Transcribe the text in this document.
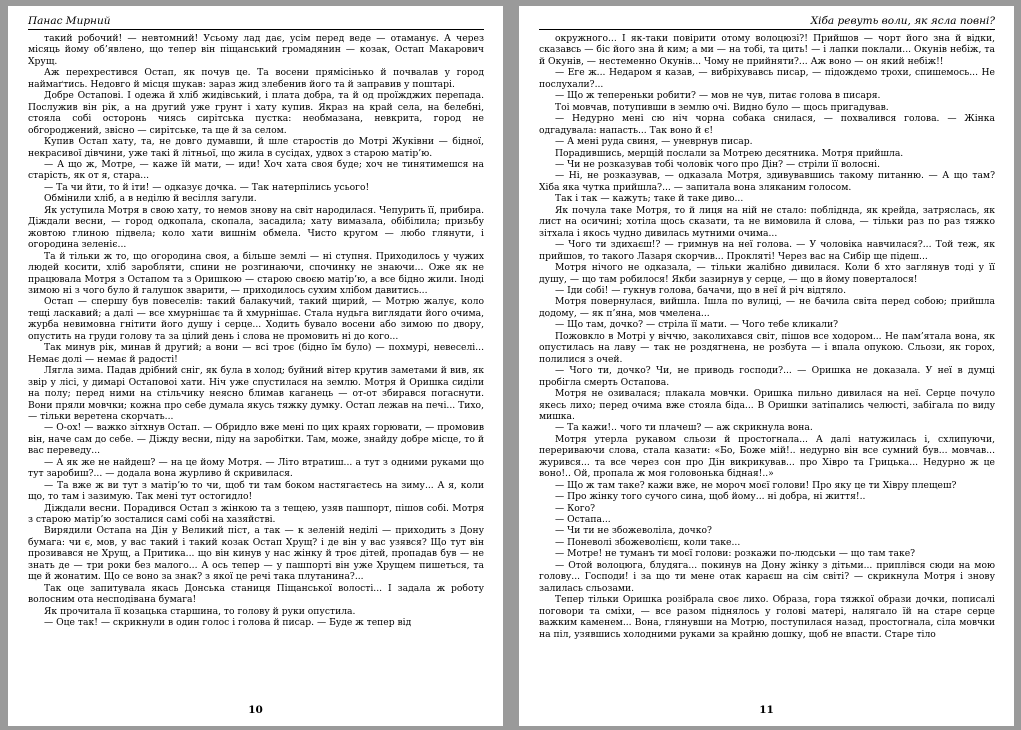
Панас Мирний

такий робочий! — невтомний! Усьому лад дає, усім перед веде — отаманує. А через місяць йому об’явлено, що тепер він піщанський громадянин — козак, Остап Макарович Хрущ.

Аж перехрестився Остап, як почув це. Та восени прямісінько й почвалав у город наймаґтись. Недовго й місця шукав: зараз жид злебенив його та й заправив у поштарі.

Добре Остапові. І одежа й хліб жидівський, і плата добра, та й од проїжджих перепада. Послужив він рік, а на другий уже грунт і хату купив. Якраз на край села, на белебні, стояла собі осторонь чиясь сирітська пустка: необмазана, невкрита, город не обгороджений, звісно — сирітське, та ще й за селом.

Купив Остап хату, та, не довго думавши, й шле старостів до Мотрі Жуківни — бідної, некрасивої дівчини, уже такі й літньої, що жила в сусідах, удвох з старою матір’ю.

— А що ж, Мотре, — каже їй мати, — иди! Хоч хата своя буде; хоч не тинятимешся на старість, як от я, стара...

— Та чи йти, то й іти! — одказує дочка. — Так натерпілись усього!

Обмінили хліб, а в неділю й весілля загули.

Як уступила Мотря в свою хату, то немов знову на світ народилася. Чепурить її, прибира. Діждали весни, — город одкопала, скопала, засадила; хату вимазала, обібілила; призьбу жовтою глиною підвела; коло хати вишнім обмела. Чисто кругом — любо глянути, і огородина зеленіє...

Та й тільки ж то, що огородина своя, а більше землі — ні ступня. Приходилось у чужих людей косити, хліб заробляти, спини не розгинаючи, спочинку не знаючи... Оже як не працювала Мотря з Остапом та з Оришкою — старою своєю матір’ю, а все бідно жили. Іноді зимою ні з чого було й галушок зварити, — приходилось сухим хлібом давитись...

Остап — спершу був повеселів: такий балакучий, такий щирий, — Мотрю жалує, коло тещі ласкавий; а далі — все хмурнішає та й хмурнішає. Стала нудьга виглядати його очима, журба невимовна гнітити його душу і серце... Ходить бувало восени або зимою по двору, опустить на груди голову та за цілий день і слова не промовить ні до кого...

Так минув рік, минав й другий; а вони — всі троє (бідно їм було) — похмурі, невеселі... Немає долі — немає й радості!

Лягла зима. Падав дрібний сніг, як була в холод; буйний вітер крутив заметами й вив, як звір у лісі, у димарі Остаповоі хати. Ніч уже спустилася на землю. Мотря й Оришка сиділи на полу; перед ними на стільчику неясно блимав каганець — от-от збирався погаснути. Вони пряли мовчки; кожна про себе думала якусь тяжку думку. Остап лежав на печі... Тихо, — тільки веретена скорчать...

— О-ох! — важко зітхнув Остап. — Обридло вже мені по цих краях горювати, — промовив він, наче сам до себе. — Діжду весни, піду на заробітки. Там, може, знайду добре місце, то й вас переведу...

— А як же не найдеш? — на це йому Мотря. — Літо втратиш... а тут з одними руками що тут заробиш?... — додала вона журливо й скривилася.

— Та вже ж ви тут з матір’ю то чи, щоб ти там боком настягаєтесь на зиму... А я, коли що, то там і зазимую. Так мені тут остогидло!

Діждали весни. Порадився Остап з жінкою та з тещею, узяв пашпорт, пішов собі. Мотря з старою матір’ю зосталися самі собі на хазяйстві.

Вирядили Остапа на Дін у Великий піст, а так — к зеленій неділі — приходить з Дону бумага: чи є, мов, у вас такий і такий козак Остап Хрущ? і де він у вас узявся? Що тут він прозивався не Хрущ, а Притика... що він кинув у нас жінку й троє дітей, пропадав був — не знать де — три роки без малого... А ось тепер — у пашпорті він уже Хрущем пишеться, та ще й жонатим. Що се воно за знак? з якої це речі така плутанина?...

Так оце запитувала якась Донська станиця Піщанської волості... І задала ж роботу волосним ота несподівана бумага!

Як прочитала її козацька старшина, то голову й руки опустила.

— Оце так! — скрикнули в один голос і голова й писар. — Буде ж тепер від

10
Хіба ревуть воли, як ясла повні?

окружного... І як-таки повірити отому волоцюзі?! Прийшов — чорт його зна й відки, сказавсь — біс його зна й ким; а ми — на тобі, та цить! — і лапки поклали... Окунів небіж, та й Окунів, — нестеменно Окунів... Чому не прийняти?... Аж воно — он який небіж!!

— Еге ж... Недаром я казав, — вибріхувавсь писар, — підождемо трохи, спишемось... Не послухали?...

— Що ж тепереньки робити? — мов не чув, питає голова в писаря.

Тоі мовчав, потупивши в землю очі. Видно було — щось пригадував.

— Недурно мені сю ніч чорна собака снилася, — похвалився голова. — Жінка одгадувала: напасть... Так воно й є!

— А мені руда свиня, — уневрнув писар.

Порадившись, мерщій послали за Мотрею десятника. Мотря прийшла.

— Чи не розказував тобі чоловік чого про Дін? — стріли її волосні.

— Ні, не розказував, — одказала Мотря, здивувавшись такому питанню. — А що там? Хіба яка чутка прийшла?... — запитала вона зляканим голосом.

Так і так — кажуть; таке й таке диво...

Як почула таке Мотря, то й лиця на ній не стало: побліднда, як крейда, затряслась, як лист на осичині; хотіла щось сказати, та не вимовила й слова, — тільки раз по раз тяжко зітхала і якось чудно дивилась мутними очима...

— Чого ти здихаєш!? — гримнув на неї голова. — У чоловіка навчилася?... Той теж, як прийшов, то такого Лазаря скорчив... Прокляті! Через вас на Сибір ще підеш...

Мотря нічого не одказала, — тільки жалібно дивилася. Коли б хто заглянув тоді у її душу, — що там робилося! Якби зазирнув у серце, — що в йому поверталося!

— Іди собі! — гукнув голова, бачачи, що в неї й річ відтяло.

Мотря повернулася, вийшла. Ішла по вулиці, — не бачила світа перед собою; прийшла додому, — як п’яна, мов чмелена...

— Що там, дочко? — стріла її мати. — Чого тебе кликали?

Пожовкло в Мотрі у віччю, заколихався світ, пішов все ходором... Не пам’ятала вона, як опустилась на лаву — так не роздягнена, не розбута — і впала опукою. Сльози, як горох, полилися з очей.

— Чого ти, дочко? Чи, не приводь господи?... — Оришка не доказала. У неї в думці пробігла смерть Остапова.

Мотря не озивалася; плакала мовчки. Оришка пильно дивилася на неї. Серце почуло якесь лихо; перед очима вже стояла біда... В Оришки затіпались челюсті, забігала по виду мишка.

— Та кажи!.. чого ти плачеш? — аж скрикнула вона.

Мотря утерла рукавом сльози й простогнала... А далі натужилась і, схлипуючи, перериваючи слова, стала казати: «Бо, Боже мій!.. недурно він все сумний був... мовчав... журився... та все через сон про Дін викрикував... про Хівро та Грицька... Недурно ж це воно!.. Ой, пропала ж моя головонька бідная!..»

— Що ж там таке? кажи вже, не мороч моєї голови! Про яку це ти Хівру плещеш?

— Про жінку того сучого сина, щоб йому... ні добра, ні життя!..

— Кого?

— Остапа...

— Чи ти не збожеволіла, дочко?

— Поневолі збожеволієш, коли таке...

— Мотре! не туманъ ти моєї голови: розкажи по-людськи — що там таке?

— Отой волоцюга, блудяга... покинув на Дону жінку з дітьми... приплівся сюди на мою голову... Господи! і за що ти мене отак караєш на сім світі? — скрикнула Мотря і знову залилась сльозами.

Тепер тільки Оришка розібрала своє лихо. Образа, гора тяжкої образи дочки, пописалі поговори та сміхи, — все разом піднялось у голові матері, налягало їй на старе серце важким каменем... Вона, глянувши на Мотрю, поступилася назад, простогнала, сіла мовчки на піл, узявшись холодними руками за крайню дошку, щоб не впасти. Старе тіло

11
